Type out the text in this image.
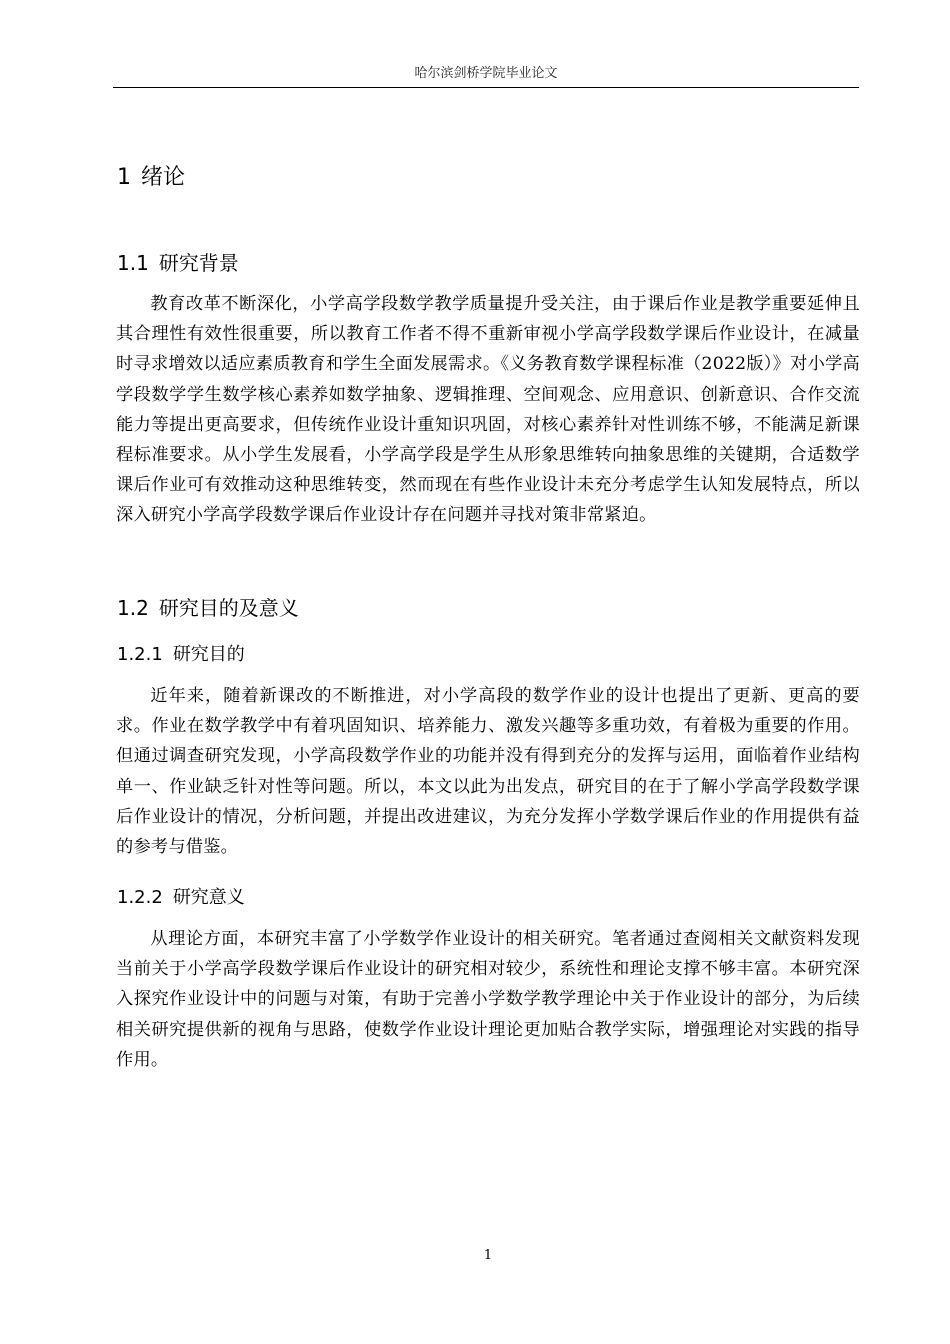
哈尔滨剑桥学院毕业论文
1 绪论
1.1 研究背景

教育改革不断深化，小学高学段数学教学质量提升受关注，由于课后作业是教学重要延伸且其合理性有效性很重要，所以教育工作者不得不重新审视小学高学段数学课后作业设计，在减量时寻求增效以适应素质教育和学生全面发展需求。《义务教育数学课程标准（2022版）》对小学高学段数学学生数学核心素养如数学抽象、逻辑推理、空间观念、应用意识、创新意识、合作交流能力等提出更高要求，但传统作业设计重知识巩固，对核心素养针对性训练不够，不能满足新课程标准要求。从小学生发展看，小学高学段是学生从形象思维转向抽象思维的关键期，合适数学课后作业可有效推动这种思维转变，然而现在有些作业设计未充分考虑学生认知发展特点，所以深入研究小学高学段数学课后作业设计存在问题并寻找对策非常紧迫。

1.2 研究目的及意义
1.2.1 研究目的

近年来，随着新课改的不断推进，对小学高段的数学作业的设计也提出了更新、更高的要求。作业在数学教学中有着巩固知识、培养能力、激发兴趣等多重功效，有着极为重要的作用。但通过调查研究发现，小学高段数学作业的功能并没有得到充分的发挥与运用，面临着作业结构单一、作业缺乏针对性等问题。所以，本文以此为出发点，研究目的在于了解小学高学段数学课后作业设计的情况，分析问题，并提出改进建议，为充分发挥小学数学课后作业的作用提供有益的参考与借鉴。

1.2.2 研究意义

从理论方面，本研究丰富了小学数学作业设计的相关研究。笔者通过查阅相关文献资料发现当前关于小学高学段数学课后作业设计的研究相对较少，系统性和理论支撑不够丰富。本研究深入探究作业设计中的问题与对策，有助于完善小学数学教学理论中关于作业设计的部分，为后续相关研究提供新的视角与思路，使数学作业设计理论更加贴合教学实际，增强理论对实践的指导作用。

1
